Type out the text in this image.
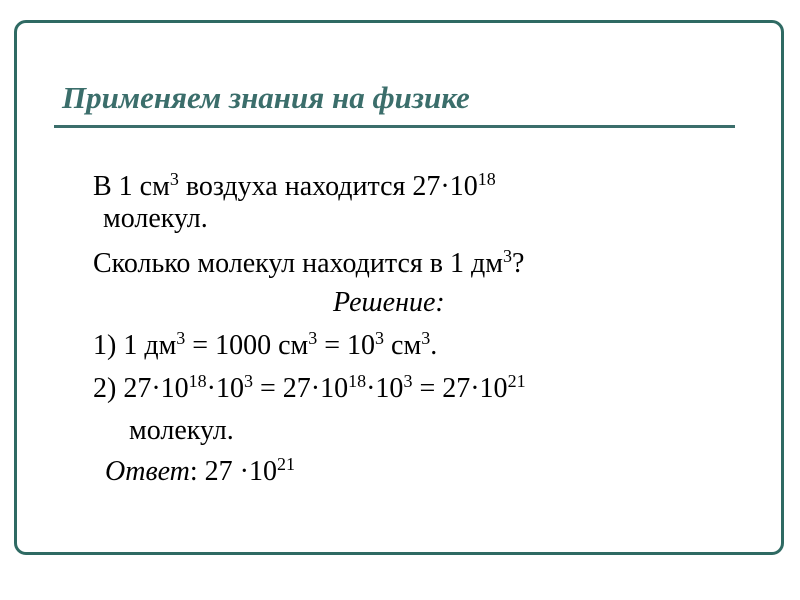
Применяем знания на физике
В 1 $см^3$ воздуха находится $27\cdot 10^{18}$
молекул.
Сколько молекул находится в 1 $дм^3$?
Решение:
1) 1 $дм^3 = 1000$ $см^3 = 10^3$ $см^3$.
2) $27\cdot 10^{18}\cdot 10^3 = 27\cdot 10^{18}\cdot 10^3 = 27\cdot 10^{21}$
молекул.
Ответ: $27 \cdot 10^{21}$
